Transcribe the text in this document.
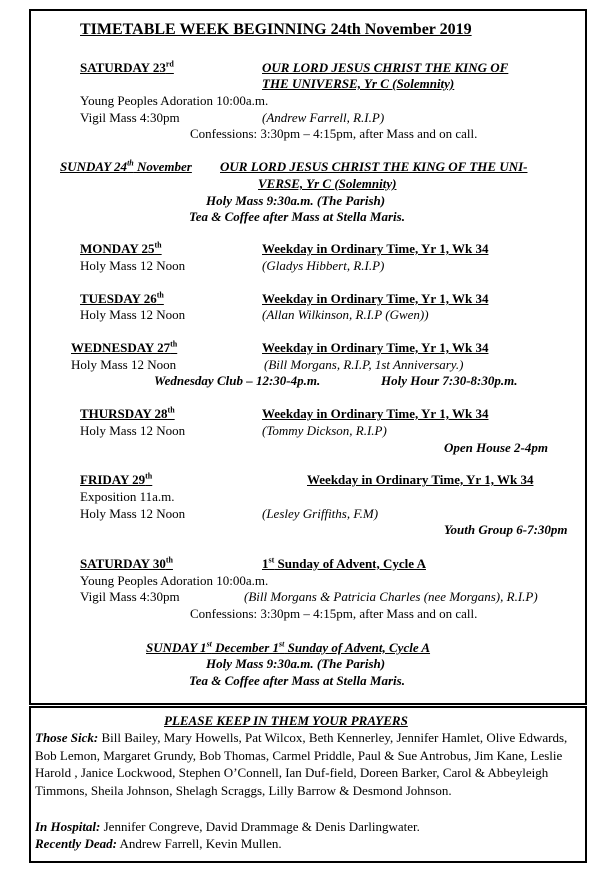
TIMETABLE WEEK BEGINNING 24th November 2019
SATURDAY 23rd	OUR LORD JESUS CHRIST THE KING OF
THE UNIVERSE, Yr C (Solemnity)
Young Peoples Adoration 10:00a.m.
Vigil Mass 4:30pm	(Andrew Farrell, R.I.P)
Confessions: 3:30pm – 4:15pm, after Mass and on call.
SUNDAY 24th November OUR LORD JESUS CHRIST THE KING OF THE UNI-
VERSE, Yr C (Solemnity)
Holy Mass 9:30a.m. (The Parish)
Tea & Coffee after Mass at Stella Maris.
MONDAY 25th	Weekday in Ordinary Time, Yr 1, Wk 34
Holy Mass 12 Noon	(Gladys Hibbert, R.I.P)
TUESDAY 26th	Weekday in Ordinary Time, Yr 1, Wk 34
Holy Mass 12 Noon	(Allan Wilkinson, R.I.P (Gwen))
WEDNESDAY 27th	Weekday in Ordinary Time, Yr 1, Wk 34
Holy Mass 12 Noon	(Bill Morgans, R.I.P, 1st Anniversary.)
Wednesday Club – 12:30-4p.m.	Holy Hour 7:30-8:30p.m.
THURSDAY 28th	Weekday in Ordinary Time, Yr 1, Wk 34
Holy Mass 12 Noon	(Tommy Dickson, R.I.P)
Open House 2-4pm
FRIDAY 29th	Weekday in Ordinary Time, Yr 1, Wk 34
Exposition 11a.m.
Holy Mass 12 Noon	(Lesley Griffiths, F.M)
Youth Group 6-7:30pm
SATURDAY 30th	1st Sunday of Advent, Cycle A
Young Peoples Adoration 10:00a.m.
Vigil Mass 4:30pm	(Bill Morgans & Patricia Charles (nee Morgans), R.I.P)
Confessions: 3:30pm – 4:15pm, after Mass and on call.
SUNDAY 1st December 1st Sunday of Advent, Cycle A
Holy Mass 9:30a.m. (The Parish)
Tea & Coffee after Mass at Stella Maris.
PLEASE KEEP IN THEM YOUR PRAYERS
Those Sick: Bill Bailey, Mary Howells, Pat Wilcox, Beth Kennerley, Jennifer Hamlet, Olive Edwards, Bob Lemon, Margaret Grundy, Bob Thomas, Carmel Priddle, Paul & Sue Antrobus, Jim Kane, Leslie Harold , Janice Lockwood, Stephen O’Connell, Ian Duf-field, Doreen Barker, Carol & Abbeyleigh Timmons, Sheila Johnson, Shelagh Scraggs, Lilly Barrow & Desmond Johnson.
In Hospital: Jennifer Congreve, David Drammage & Denis Darlingwater.
Recently Dead: Andrew Farrell, Kevin Mullen.
